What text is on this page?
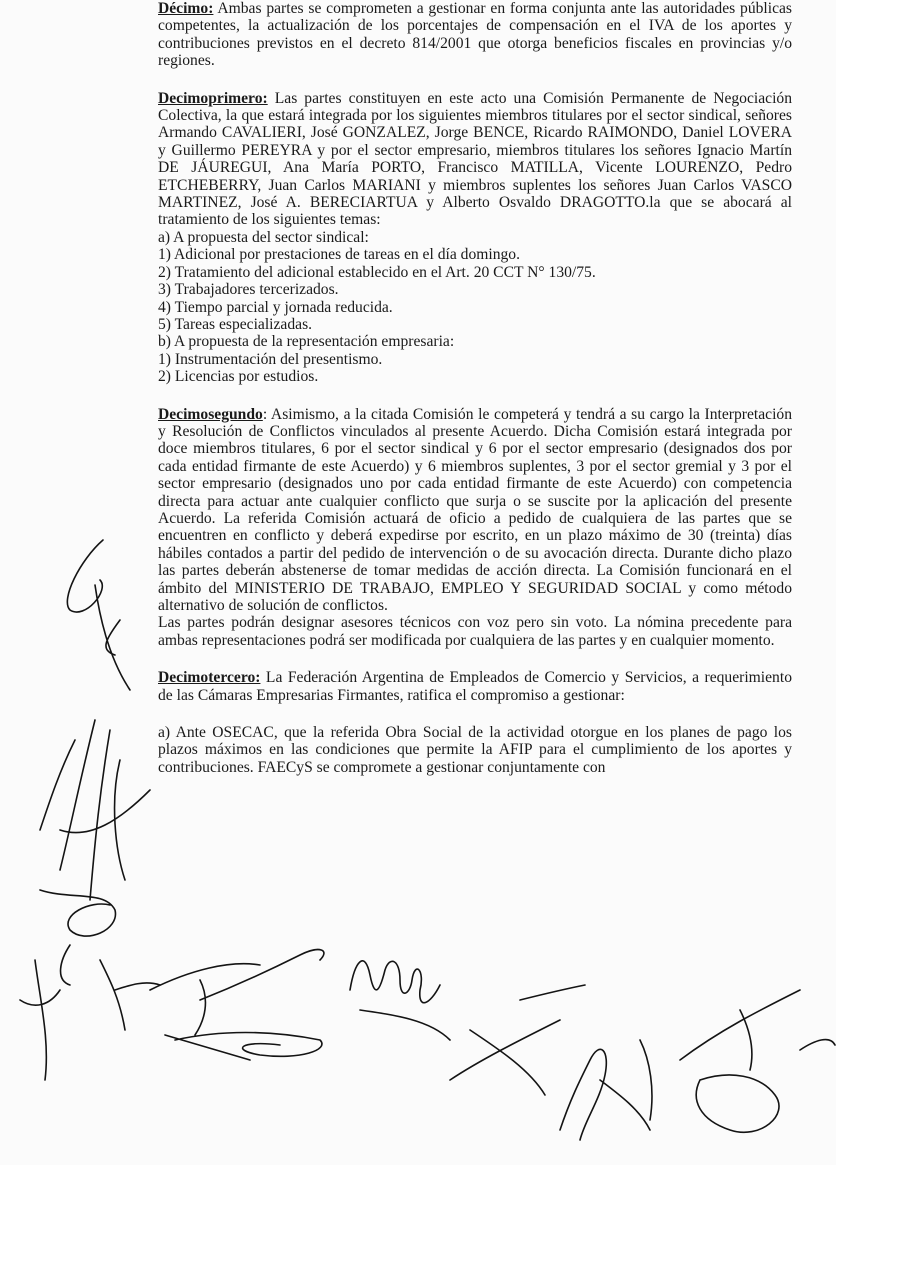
Décimo: Ambas partes se comprometen a gestionar en forma conjunta ante las autoridades públicas competentes, la actualización de los porcentajes de compensación en el IVA de los aportes y contribuciones previstos en el decreto 814/2001 que otorga beneficios fiscales en provincias y/o regiones.

Decimoprimero: Las partes constituyen en este acto una Comisión Permanente de Negociación Colectiva, la que estará integrada por los siguientes miembros titulares por el sector sindical, señores Armando CAVALIERI, José GONZALEZ, Jorge BENCE, Ricardo RAIMONDO, Daniel LOVERA y Guillermo PEREYRA y por el sector empresario, miembros titulares los señores Ignacio Martín DE JÁUREGUI, Ana María PORTO, Francisco MATILLA, Vicente LOURENZO, Pedro ETCHEBERRY, Juan Carlos MARIANI y miembros suplentes los señores Juan Carlos VASCO MARTINEZ, José A. BERECIARTUA y Alberto Osvaldo DRAGOTTO.la que se abocará al tratamiento de los siguientes temas:

a) A propuesta del sector sindical:

1) Adicional por prestaciones de tareas en el día domingo.

2) Tratamiento del adicional establecido en el Art. 20 CCT N° 130/75.

3) Trabajadores tercerizados.

4) Tiempo parcial y jornada reducida.

5) Tareas especializadas.

b) A propuesta de la representación empresaria:

1) Instrumentación del presentismo.

2) Licencias por estudios.

Decimosegundo: Asimismo, a la citada Comisión le competerá y tendrá a su cargo la Interpretación y Resolución de Conflictos vinculados al presente Acuerdo. Dicha Comisión estará integrada por doce miembros titulares, 6 por el sector sindical y 6 por el sector empresario (designados dos por cada entidad firmante de este Acuerdo) y 6 miembros suplentes, 3 por el sector gremial y 3 por el sector empresario (designados uno por cada entidad firmante de este Acuerdo) con competencia directa para actuar ante cualquier conflicto que surja o se suscite por la aplicación del presente Acuerdo. La referida Comisión actuará de oficio a pedido de cualquiera de las partes que se encuentren en conflicto y deberá expedirse por escrito, en un plazo máximo de 30 (treinta) días hábiles contados a partir del pedido de intervención o de su avocación directa. Durante dicho plazo las partes deberán abstenerse de tomar medidas de acción directa. La Comisión funcionará en el ámbito del MINISTERIO DE TRABAJO, EMPLEO Y SEGURIDAD SOCIAL y como método alternativo de solución de conflictos.

Las partes podrán designar asesores técnicos con voz pero sin voto. La nómina precedente para ambas representaciones podrá ser modificada por cualquiera de las partes y en cualquier momento.

Decimotercero: La Federación Argentina de Empleados de Comercio y Servicios, a requerimiento de las Cámaras Empresarias Firmantes, ratifica el compromiso a gestionar:

a) Ante OSECAC, que la referida Obra Social de la actividad otorgue en los planes de pago los plazos máximos en las condiciones que permite la AFIP para el cumplimiento de los aportes y contribuciones. FAECyS se compromete a gestionar conjuntamente con
